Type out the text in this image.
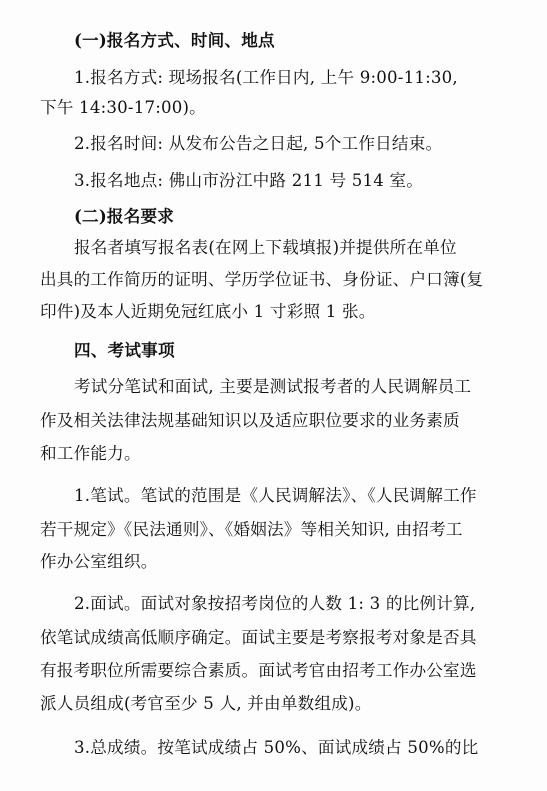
(一)报名方式、时间、地点
1.报名方式: 现场报名(工作日内, 上午 9:00-11:30,
下午 14:30-17:00)。
2.报名时间: 从发布公告之日起, 5个工作日结束。
3.报名地点: 佛山市汾江中路 211 号 514 室。
(二)报名要求
报名者填写报名表(在网上下载填报)并提供所在单位
出具的工作简历的证明、学历学位证书、身份证、户口簿(复
印件)及本人近期免冠红底小 1 寸彩照 1 张。
四、考试事项
考试分笔试和面试, 主要是测试报考者的人民调解员工
作及相关法律法规基础知识以及适应职位要求的业务素质
和工作能力。
1.笔试。笔试的范围是《人民调解法》、《人民调解工作
若干规定》《民法通则》、《婚姻法》等相关知识, 由招考工
作办公室组织。
2.面试。面试对象按招考岗位的人数 1: 3 的比例计算,
依笔试成绩高低顺序确定。面试主要是考察报考对象是否具
有报考职位所需要综合素质。面试考官由招考工作办公室选
派人员组成(考官至少 5 人, 并由单数组成)。
3.总成绩。按笔试成绩占 50%、面试成绩占 50%的比
